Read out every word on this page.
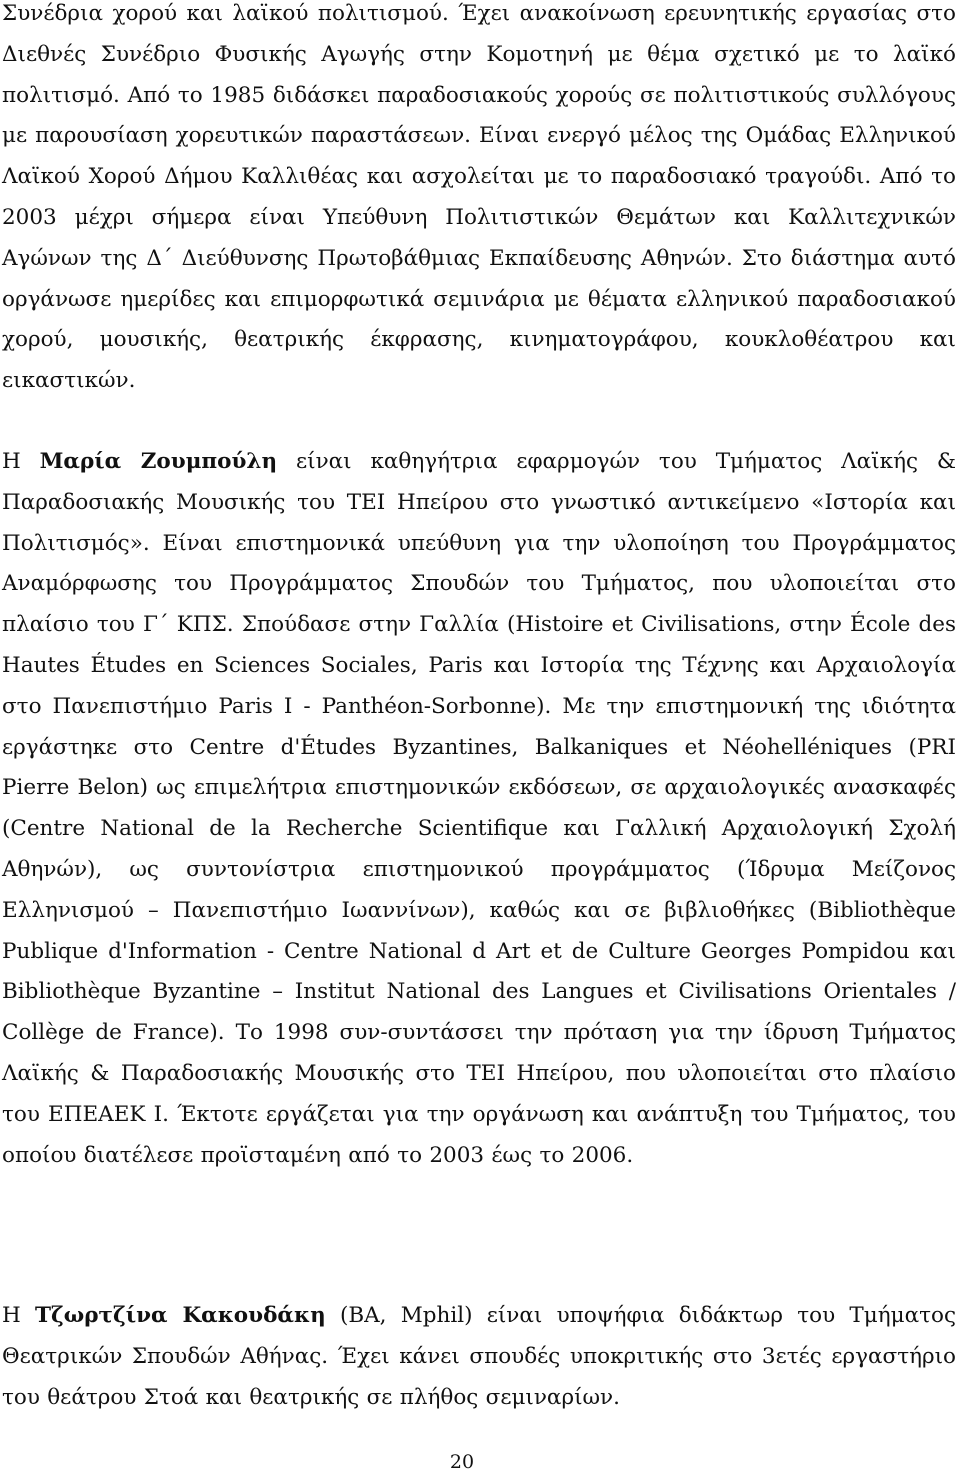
Συνέδρια χορού και λαϊκού πολιτισμού. Έχει ανακοίνωση ερευνητικής εργασίας στο Διεθνές Συνέδριο Φυσικής Αγωγής στην Κομοτηνή με θέμα σχετικό με το λαϊκό πολιτισμό. Από το 1985 διδάσκει παραδοσιακούς χορούς σε πολιτιστικούς συλλόγους με παρουσίαση χορευτικών παραστάσεων. Είναι ενεργό μέλος της Ομάδας Ελληνικού Λαϊκού Χορού Δήμου Καλλιθέας και ασχολείται με το παραδοσιακό τραγούδι. Από το 2003 μέχρι σήμερα είναι Υπεύθυνη Πολιτιστικών Θεμάτων και Καλλιτεχνικών Αγώνων της Δ΄ Διεύθυνσης Πρωτοβάθμιας Εκπαίδευσης Αθηνών. Στο διάστημα αυτό οργάνωσε ημερίδες και επιμορφωτικά σεμινάρια με θέματα ελληνικού παραδοσιακού χορού, μουσικής, θεατρικής έκφρασης, κινηματογράφου, κουκλοθέατρου και εικαστικών.

Η Μαρία Ζουμπούλη είναι καθηγήτρια εφαρμογών του Τμήματος Λαϊκής & Παραδοσιακής Μουσικής του ΤΕΙ Ηπείρου στο γνωστικό αντικείμενο «Ιστορία και Πολιτισμός». Είναι επιστημονικά υπεύθυνη για την υλοποίηση του Προγράμματος Αναμόρφωσης του Προγράμματος Σπουδών του Τμήματος, που υλοποιείται στο πλαίσιο του Γ΄ ΚΠΣ. Σπούδασε στην Γαλλία (Histoire et Civilisations, στην École des Hautes Études en Sciences Sociales, Paris και Ιστορία της Τέχνης και Αρχαιολογία στο Πανεπιστήμιο Paris I - Panthéon-Sorbonne). Με την επιστημονική της ιδιότητα εργάστηκε στο Centre d'Études Byzantines, Balkaniques et Néohelléniques (PRI Pierre Belon) ως επιμελήτρια επιστημονικών εκδόσεων, σε αρχαιολογικές ανασκαφές (Centre National de la Recherche Scientifique και Γαλλική Αρχαιολογική Σχολή Αθηνών), ως συντονίστρια επιστημονικού προγράμματος (Ίδρυμα Μείζονος Ελληνισμού – Πανεπιστήμιο Ιωαννίνων), καθώς και σε βιβλιοθήκες (Bibliothèque Publique d'Information - Centre National d Art et de Culture Georges Pompidou και Bibliothèque Byzantine – Institut National des Langues et Civilisations Orientales / Collège de France). Το 1998 συν-συντάσσει την πρόταση για την ίδρυση Τμήματος Λαϊκής & Παραδοσιακής Μουσικής στο ΤΕΙ Ηπείρου, που υλοποιείται στο πλαίσιο του ΕΠΕΑΕΚ Ι. Έκτοτε εργάζεται για την οργάνωση και ανάπτυξη του Τμήματος, του οποίου διατέλεσε προϊσταμένη από το 2003 έως το 2006.

Η Τζωρτζίνα Κακουδάκη (BA, Mphil) είναι υποψήφια διδάκτωρ του Τμήματος Θεατρικών Σπουδών Αθήνας. Έχει κάνει σπουδές υποκριτικής στο 3ετές εργαστήριο του θεάτρου Στοά και θεατρικής σε πλήθος σεμιναρίων.

20
